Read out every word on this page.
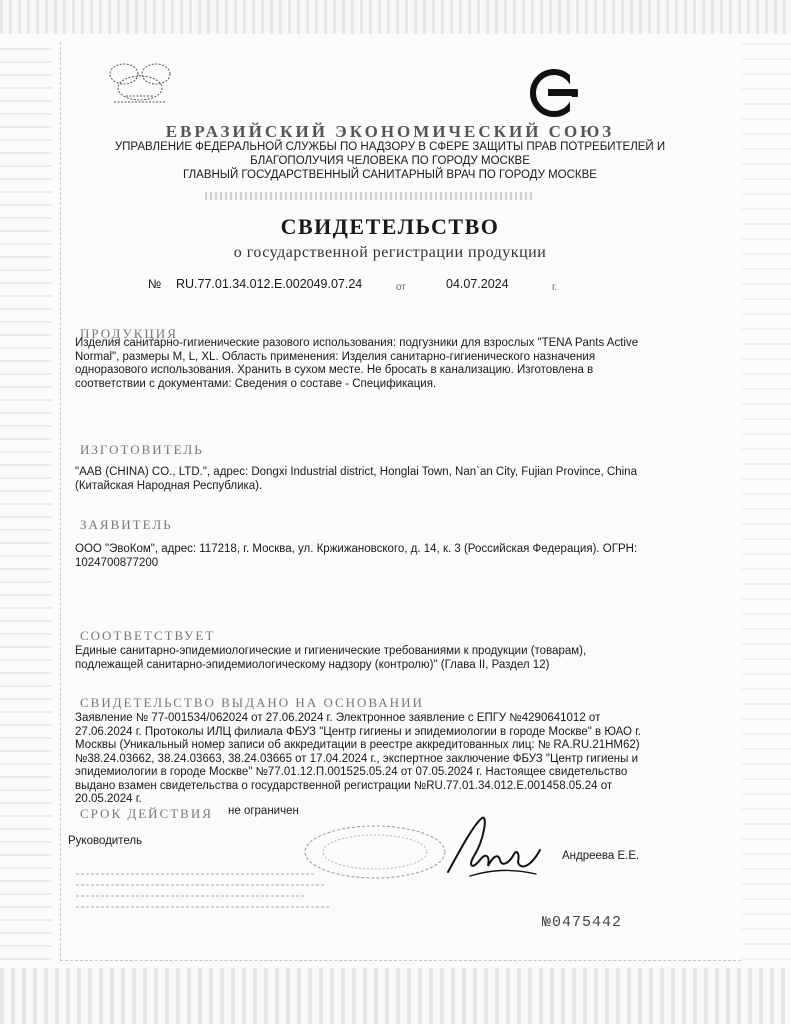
ЕВРАЗИЙСКИЙ ЭКОНОМИЧЕСКИЙ СОЮЗ
УПРАВЛЕНИЕ ФЕДЕРАЛЬНОЙ СЛУЖБЫ ПО НАДЗОРУ В СФЕРЕ ЗАЩИТЫ ПРАВ ПОТРЕБИТЕЛЕЙ И
БЛАГОПОЛУЧИЯ ЧЕЛОВЕКА ПО ГОРОДУ МОСКВЕ
ГЛАВНЫЙ ГОСУДАРСТВЕННЫЙ САНИТАРНЫЙ ВРАЧ ПО ГОРОДУ МОСКВЕ
СВИДЕТЕЛЬСТВО
о государственной регистрации продукции
№ RU.77.01.34.012.E.002049.07.24	от	04.07.2024	г.
ПРОДУКЦИЯ
Изделия санитарно-гигиенические разового использования: подгузники для взрослых "TENA Pants Active Normal", размеры M, L, XL. Область применения: Изделия санитарно-гигиенического назначения одноразового использования. Хранить в сухом месте. Не бросать в канализацию. Изготовлена в соответствии с документами: Сведения о составе - Спецификация.
ИЗГОТОВИТЕЛЬ
"AAB (CHINA) CO., LTD.", адрес: Dongxi Industrial district, Honglai Town, Nan`an City, Fujian Province, China (Китайская Народная Республика).
ЗАЯВИТЕЛЬ
ООО "ЭвоКом", адрес: 117218, г. Москва, ул. Кржижановского, д. 14, к. 3 (Российская Федерация). ОГРН: 1024700877200
СООТВЕТСТВУЕТ
Единые санитарно-эпидемиологические и гигиенические требованиями к продукции (товарам), подлежащей санитарно-эпидемиологическому надзору (контролю)" (Глава II, Раздел 12)
СВИДЕТЕЛЬСТВО ВЫДАНО НА ОСНОВАНИИ
Заявление № 77-001534/062024 от 27.06.2024 г. Электронное заявление с ЕПГУ №4290641012 от 27.06.2024 г. Протоколы ИЛЦ филиала ФБУЗ "Центр гигиены и эпидемиологии в городе Москве" в ЮАО г. Москвы (Уникальный номер записи об аккредитации в реестре аккредитованных лиц: № RA.RU.21НМ62) №38.24.03662, 38.24.03663, 38.24.03665 от 17.04.2024 г., экспертное заключение ФБУЗ "Центр гигиены и эпидемиологии в городе Москве" №77.01.12.П.001525.05.24 от 07.05.2024 г. Настоящее свидетельство выдано взамен свидетельства о государственной регистрации №RU.77.01.34.012.E.001458.05.24 от 20.05.2024 г.
СРОК ДЕЙСТВИЯ не ограничен
Руководитель
Андреева Е.Е.
№0475442
